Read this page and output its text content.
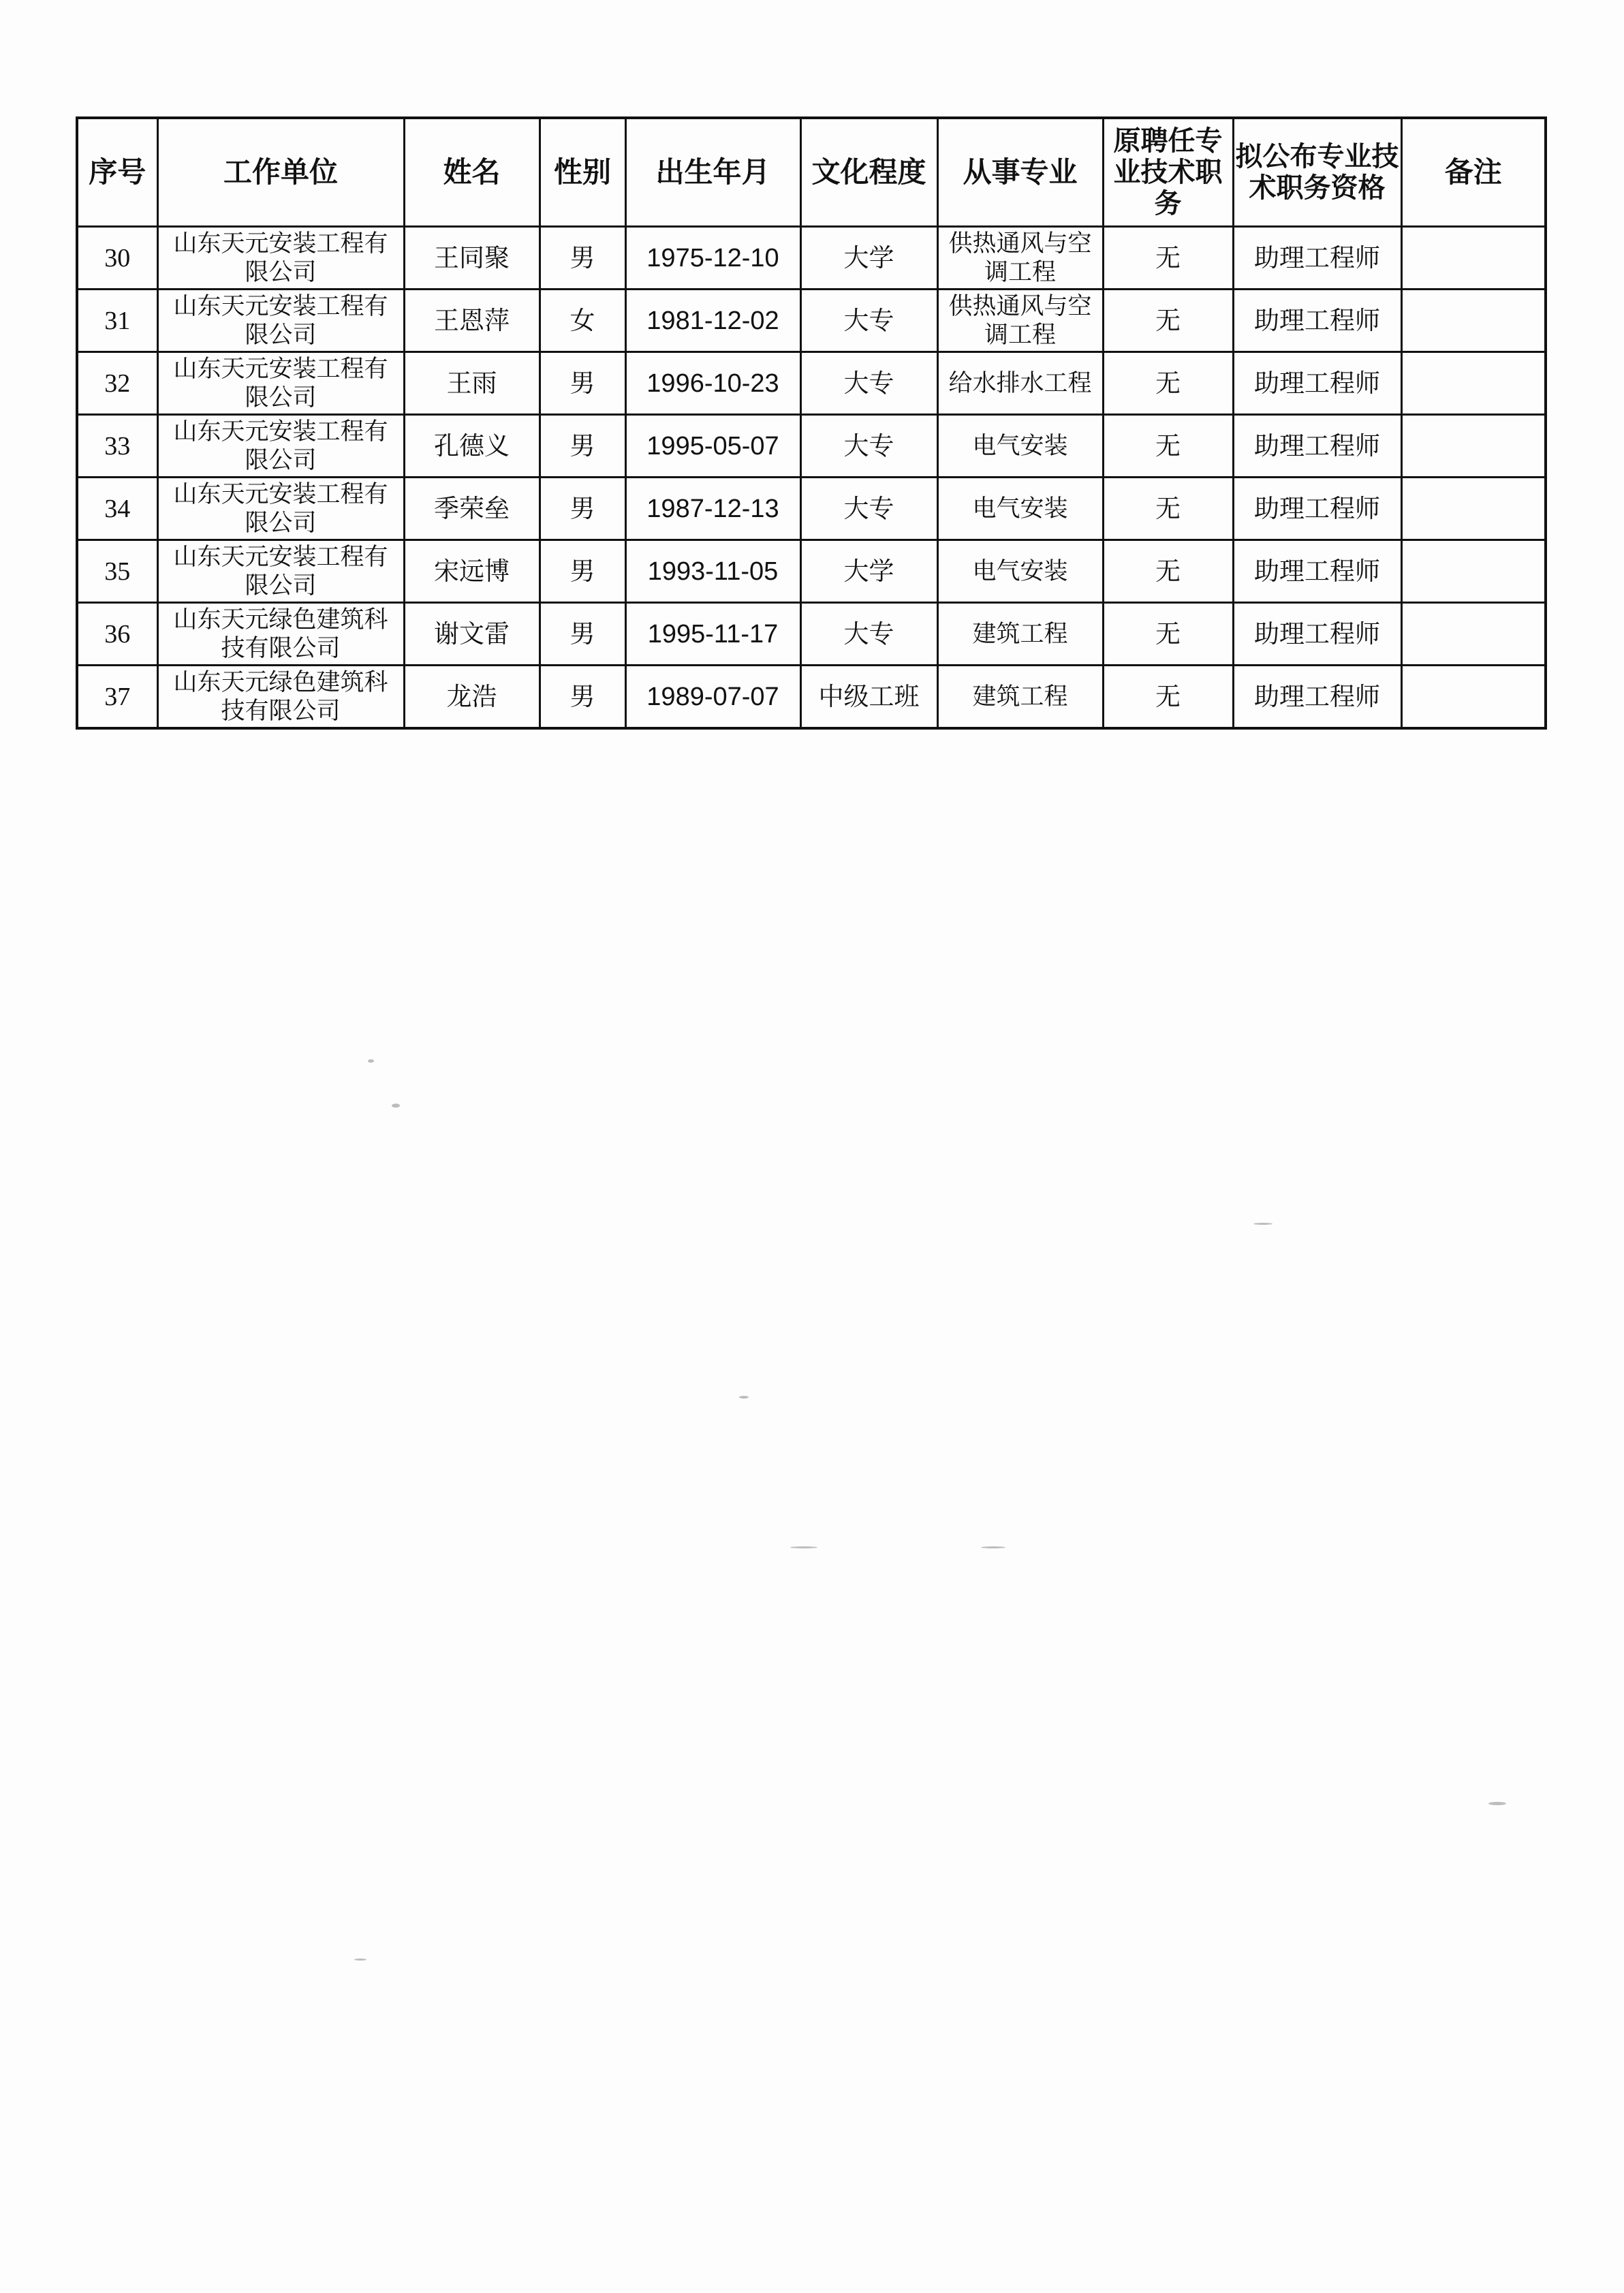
序号	工作单位	姓名	性别	出生年月	文化程度	从事专业	原聘任专业技术职务	拟公布专业技术职务资格	备注
30	山东天元安装工程有限公司	王同聚	男	1975-12-10	大学	供热通风与空调工程	无	助理工程师	
31	山东天元安装工程有限公司	王恩萍	女	1981-12-02	大专	供热通风与空调工程	无	助理工程师	
32	山东天元安装工程有限公司	王雨	男	1996-10-23	大专	给水排水工程	无	助理工程师	
33	山东天元安装工程有限公司	孔德义	男	1995-05-07	大专	电气安装	无	助理工程师	
34	山东天元安装工程有限公司	季荣垒	男	1987-12-13	大专	电气安装	无	助理工程师	
35	山东天元安装工程有限公司	宋远博	男	1993-11-05	大学	电气安装	无	助理工程师	
36	山东天元绿色建筑科技有限公司	谢文雷	男	1995-11-17	大专	建筑工程	无	助理工程师	
37	山东天元绿色建筑科技有限公司	龙浩	男	1989-07-07	中级工班	建筑工程	无	助理工程师	
